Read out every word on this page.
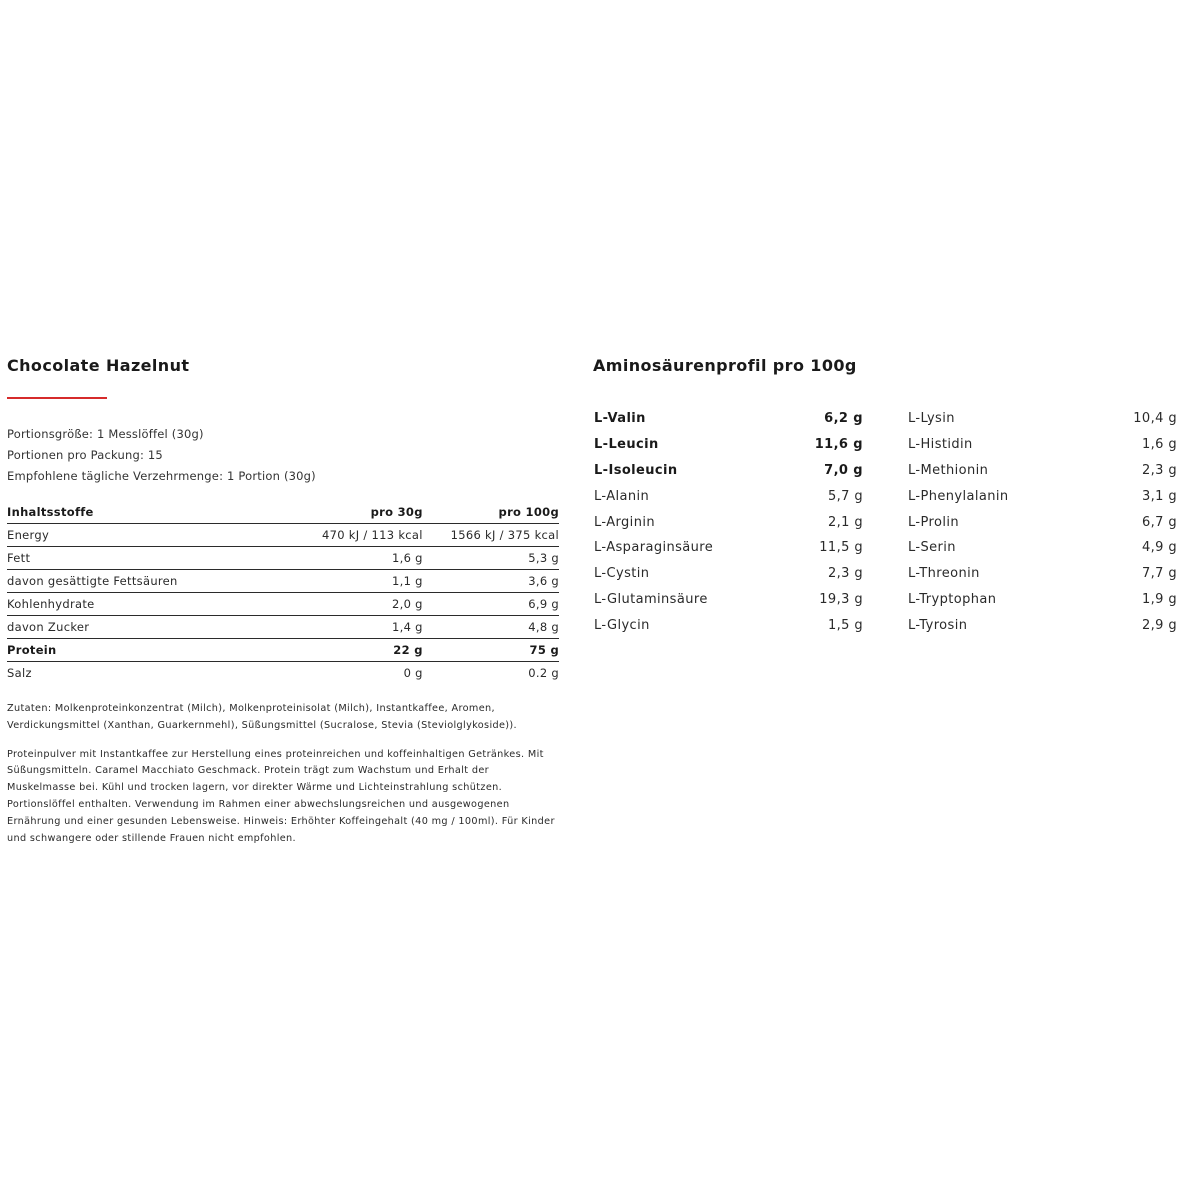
Chocolate Hazelnut

Portionsgröße: 1 Messlöffel (30g)

Portionen pro Packung: 15

Empfohlene tägliche Verzehrmenge: 1 Portion (30g)

Inhaltsstoffe	pro 30g	pro 100g
Energy	470 kJ / 113 kcal	1566 kJ / 375 kcal
Fett	1,6 g	5,3 g
davon gesättigte Fettsäuren	1,1 g	3,6 g
Kohlenhydrate	2,0 g	6,9 g
davon Zucker	1,4 g	4,8 g
Protein	22 g	75 g
Salz	0 g	0.2 g

Zutaten: Molkenproteinkonzentrat (Milch), Molkenproteinisolat (Milch), Instantkaffee, Aromen, Verdickungsmittel (Xanthan, Guarkernmehl), Süßungsmittel (Sucralose, Stevia (Steviolglykoside)).

Proteinpulver mit Instantkaffee zur Herstellung eines proteinreichen und koffeinhaltigen Getränkes. Mit Süßungsmitteln. Caramel Macchiato Geschmack. Protein trägt zum Wachstum und Erhalt der Muskelmasse bei. Kühl und trocken lagern, vor direkter Wärme und Lichteinstrahlung schützen. Portionslöffel enthalten. Verwendung im Rahmen einer abwechslungsreichen und ausgewogenen Ernährung und einer gesunden Lebensweise. Hinweis: Erhöhter Koffeingehalt (40 mg / 100ml). Für Kinder und schwangere oder stillende Frauen nicht empfohlen.

Aminosäurenprofil pro 100g
L-Valin	6,2 g
L-Leucin	11,6 g
L-Isoleucin	7,0 g
L-Alanin	5,7 g
L-Arginin	2,1 g
L-Asparaginsäure	11,5 g
L-Cystin	2,3 g
L-Glutaminsäure	19,3 g
L-Glycin	1,5 g
L-Lysin	10,4 g
L-Histidin	1,6 g
L-Methionin	2,3 g
L-Phenylalanin	3,1 g
L-Prolin	6,7 g
L-Serin	4,9 g
L-Threonin	7,7 g
L-Tryptophan	1,9 g
L-Tyrosin	2,9 g
